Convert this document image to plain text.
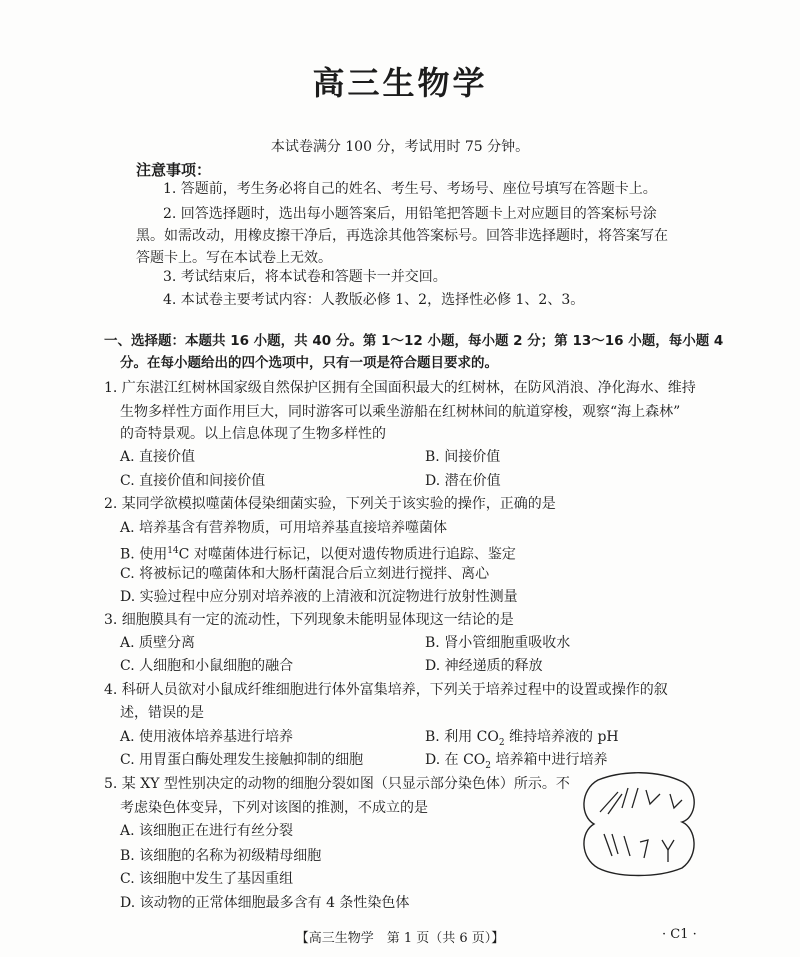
高三生物学
本试卷满分 100 分，考试用时 75 分钟。
注意事项：
1. 答题前，考生务必将自己的姓名、考生号、考场号、座位号填写在答题卡上。
2. 回答选择题时，选出每小题答案后，用铅笔把答题卡上对应题目的答案标号涂
黑。如需改动，用橡皮擦干净后，再选涂其他答案标号。回答非选择题时，将答案写在
答题卡上。写在本试卷上无效。
3. 考试结束后，将本试卷和答题卡一并交回。
4. 本试卷主要考试内容：人教版必修 1、2，选择性必修 1、2、3。
一、选择题：本题共 16 小题，共 40 分。第 1～12 小题，每小题 2 分；第 13～16 小题，每小题 4
分。在每小题给出的四个选项中，只有一项是符合题目要求的。
1. 广东湛江红树林国家级自然保护区拥有全国面积最大的红树林，在防风消浪、净化海水、维持
生物多样性方面作用巨大，同时游客可以乘坐游船在红树林间的航道穿梭，观察“海上森林”
的奇特景观。以上信息体现了生物多样性的
A. 直接价值	B. 间接价值
C. 直接价值和间接价值	D. 潜在价值
2. 某同学欲模拟噬菌体侵染细菌实验，下列关于该实验的操作，正确的是
A. 培养基含有营养物质，可用培养基直接培养噬菌体
B. 使用$^{14}$C 对噬菌体进行标记，以便对遗传物质进行追踪、鉴定
C. 将被标记的噬菌体和大肠杆菌混合后立刻进行搅拌、离心
D. 实验过程中应分别对培养液的上清液和沉淀物进行放射性测量
3. 细胞膜具有一定的流动性，下列现象未能明显体现这一结论的是
A. 质壁分离	B. 肾小管细胞重吸收水
C. 人细胞和小鼠细胞的融合	D. 神经递质的释放
4. 科研人员欲对小鼠成纤维细胞进行体外富集培养，下列关于培养过程中的设置或操作的叙
述，错误的是
A. 使用液体培养基进行培养	B. 利用 $CO_2$ 维持培养液的 pH
C. 用胃蛋白酶处理发生接触抑制的细胞	D. 在 $CO_2$ 培养箱中进行培养
5. 某 XY 型性别决定的动物的细胞分裂如图（只显示部分染色体）所示。不
考虑染色体变异，下列对该图的推测，不成立的是
A. 该细胞正在进行有丝分裂
B. 该细胞的名称为初级精母细胞
C. 该细胞中发生了基因重组
D. 该动物的正常体细胞最多含有 4 条性染色体
【高三生物学　第 1 页（共 6 页）】	· C1 ·
